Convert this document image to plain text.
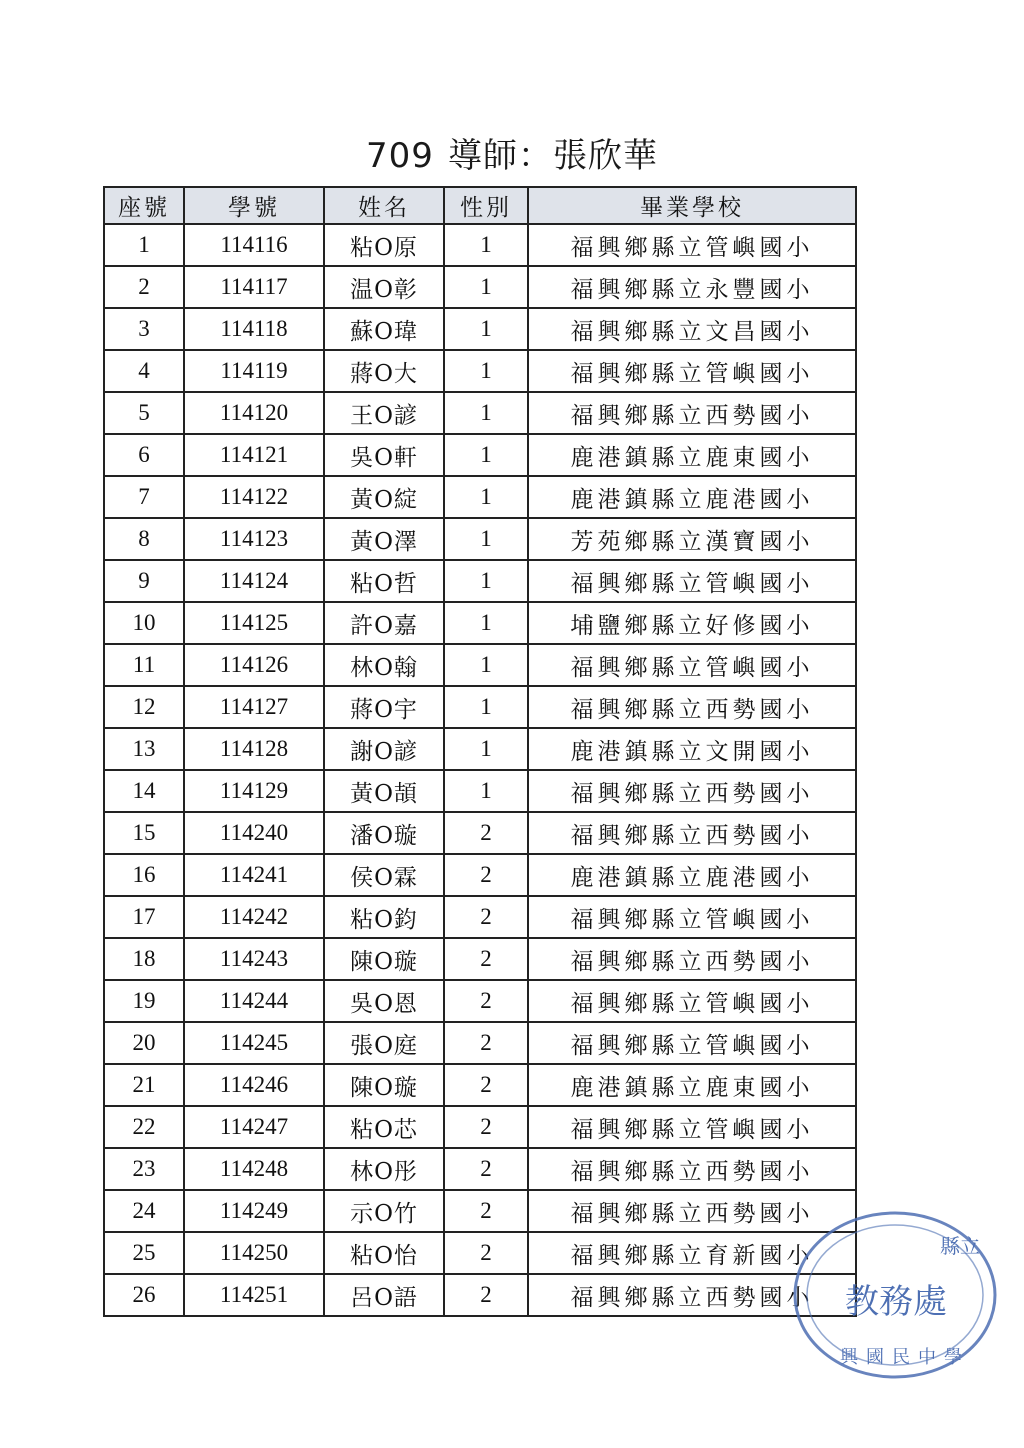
709 導師：張欣華
座號	學號	姓名	性別	畢業學校
1	114116	粘O原	1	福興鄉縣立管嶼國小
2	114117	温O彰	1	福興鄉縣立永豐國小
3	114118	蘇O瑋	1	福興鄉縣立文昌國小
4	114119	蔣O大	1	福興鄉縣立管嶼國小
5	114120	王O諺	1	福興鄉縣立西勢國小
6	114121	吳O軒	1	鹿港鎮縣立鹿東國小
7	114122	黃O綻	1	鹿港鎮縣立鹿港國小
8	114123	黃O澤	1	芳苑鄉縣立漢寶國小
9	114124	粘O哲	1	福興鄉縣立管嶼國小
10	114125	許O嘉	1	埔鹽鄉縣立好修國小
11	114126	林O翰	1	福興鄉縣立管嶼國小
12	114127	蔣O宇	1	福興鄉縣立西勢國小
13	114128	謝O諺	1	鹿港鎮縣立文開國小
14	114129	黃O頡	1	福興鄉縣立西勢國小
15	114240	潘O璇	2	福興鄉縣立西勢國小
16	114241	侯O霖	2	鹿港鎮縣立鹿港國小
17	114242	粘O鈞	2	福興鄉縣立管嶼國小
18	114243	陳O璇	2	福興鄉縣立西勢國小
19	114244	吳O恩	2	福興鄉縣立管嶼國小
20	114245	張O庭	2	福興鄉縣立管嶼國小
21	114246	陳O璇	2	鹿港鎮縣立鹿東國小
22	114247	粘O芯	2	福興鄉縣立管嶼國小
23	114248	林O彤	2	福興鄉縣立西勢國小
24	114249	示O竹	2	福興鄉縣立西勢國小
25	114250	粘O怡	2	福興鄉縣立育新國小
26	114251	呂O語	2	福興鄉縣立西勢國小 教務處
縣立
興國民中學
